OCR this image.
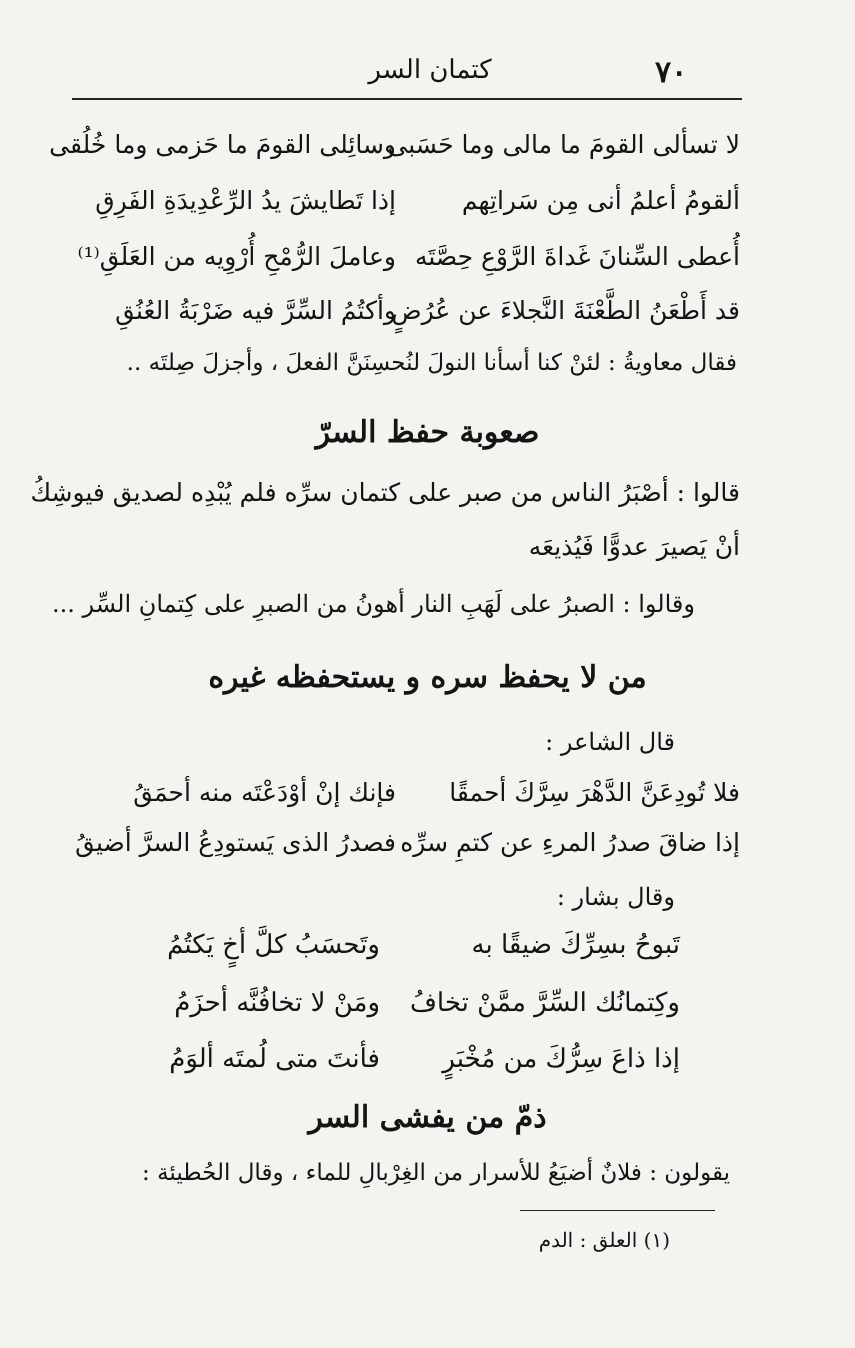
٧٠
كتمان السر
لا تسألى القومَ ما مالى وما حَسَبى
وسائِلى القومَ ما حَزمى وما خُلُقى
ألقومُ أعلمُ أنى مِن سَراتِهم
إذا تَطايشَ يدُ الرِّعْدِيدَةِ الفَرِقِ
أُعطى السِّنانَ غَداةَ الرَّوْعِ حِصَّتَه
وعاملَ الرُّمْحِ أُرْوِيه من العَلَقِ⁽¹⁾
قد أَطْعَنُ الطَّعْنَةَ النَّجلاءَ عن عُرُضٍ
وأكتُمُ السِّرَّ فيه ضَرْبَةُ العُنُقِ
فقال معاويةُ : لئنْ كنا أسأنا النولَ لنُحسِنَنَّ الفعلَ ، وأجزلَ صِلتَه ..
صعوبة حفظ السرّ
قالوا : أصْبَرُ الناس من صبر على كتمان سرِّه فلم يُبْدِه لصديق فيوشِكُ
أنْ يَصيرَ عدوًّا فَيُذيعَه
وقالوا : الصبرُ على لَهَبِ النار أهونُ من الصبرِ على كِتمانِ السِّر ...
من لا يحفظ سره و يستحفظه غيره
قال الشاعر :
فلا تُودِعَنَّ الدَّهْرَ سِرَّكَ أحمقًا
فإنك إنْ أوْدَعْتَه منه أحمَقُ
إذا ضاقَ صدرُ المرءِ عن كتمِ سرِّه
فصدرُ الذى يَستودِعُ السرَّ أضيقُ
وقال بشار :
تَبوحُ بسِرِّكَ ضيقًا به
وتَحسَبُ كلَّ أخٍ يَكتُمُ
وكِتمانُك السِّرَّ ممَّنْ تخافُ
ومَنْ لا تخافُنَّه أحزَمُ
إذا ذاعَ سِرُّكَ من مُخْبَرٍ
فأنتَ متى لُمتَه ألوَمُ
ذمّ من يفشى السر
يقولون : فلانٌ أضيَعُ للأسرار من الغِرْبالِ للماء ، وقال الحُطيئة :
(١) العلق : الدم
